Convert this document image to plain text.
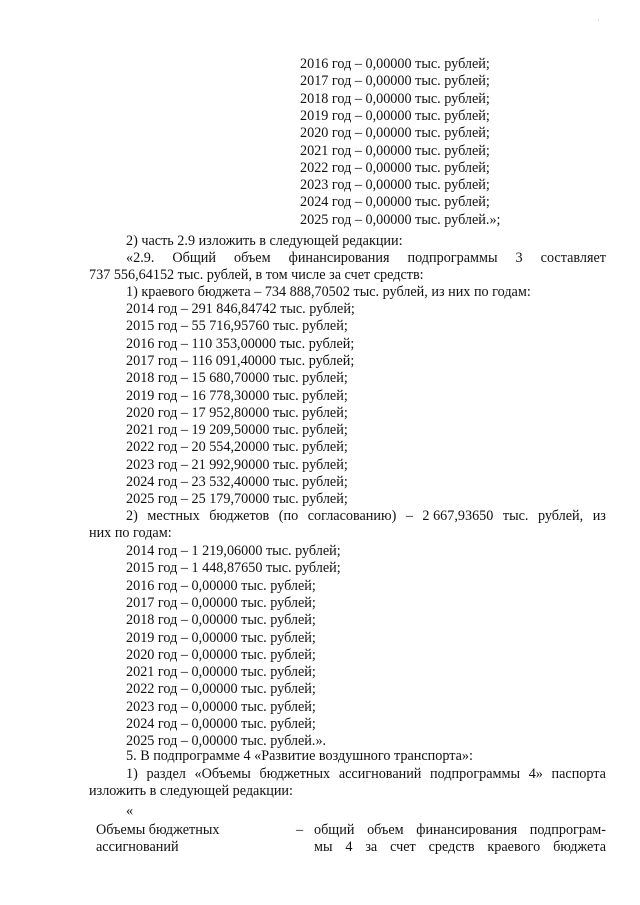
·
2016 год – 0,00000 тыс. рублей;
2017 год – 0,00000 тыс. рублей;
2018 год – 0,00000 тыс. рублей;
2019 год – 0,00000 тыс. рублей;
2020 год – 0,00000 тыс. рублей;
2021 год – 0,00000 тыс. рублей;
2022 год – 0,00000 тыс. рублей;
2023 год – 0,00000 тыс. рублей;
2024 год – 0,00000 тыс. рублей;
2025 год – 0,00000 тыс. рублей.»;
2) часть 2.9 изложить в следующей редакции:
«2.9. Общий объем финансирования подпрограммы 3 составляет
737 556,64152 тыс. рублей, в том числе за счет средств:
1) краевого бюджета – 734 888,70502 тыс. рублей, из них по годам:
2014 год – 291 846,84742 тыс. рублей;
2015 год – 55 716,95760 тыс. рублей;
2016 год – 110 353,00000 тыс. рублей;
2017 год – 116 091,40000 тыс. рублей;
2018 год – 15 680,70000 тыс. рублей;
2019 год – 16 778,30000 тыс. рублей;
2020 год – 17 952,80000 тыс. рублей;
2021 год – 19 209,50000 тыс. рублей;
2022 год – 20 554,20000 тыс. рублей;
2023 год – 21 992,90000 тыс. рублей;
2024 год – 23 532,40000 тыс. рублей;
2025 год – 25 179,70000 тыс. рублей;
2) местных бюджетов (по согласованию) – 2 667,93650 тыс. рублей, из
них по годам:
2014 год – 1 219,06000 тыс. рублей;
2015 год – 1 448,87650 тыс. рублей;
2016 год – 0,00000 тыс. рублей;
2017 год – 0,00000 тыс. рублей;
2018 год – 0,00000 тыс. рублей;
2019 год – 0,00000 тыс. рублей;
2020 год – 0,00000 тыс. рублей;
2021 год – 0,00000 тыс. рублей;
2022 год – 0,00000 тыс. рублей;
2023 год – 0,00000 тыс. рублей;
2024 год – 0,00000 тыс. рублей;
2025 год – 0,00000 тыс. рублей.».
5. В подпрограмме 4 «Развитие воздушного транспорта»:
1) раздел «Объемы бюджетных ассигнований подпрограммы 4» паспорта
изложить в следующей редакции:
«
Объемы бюджетных
ассигнований
– общий объем финансирования подпрограм-
мы 4 за счет средств краевого бюджета
